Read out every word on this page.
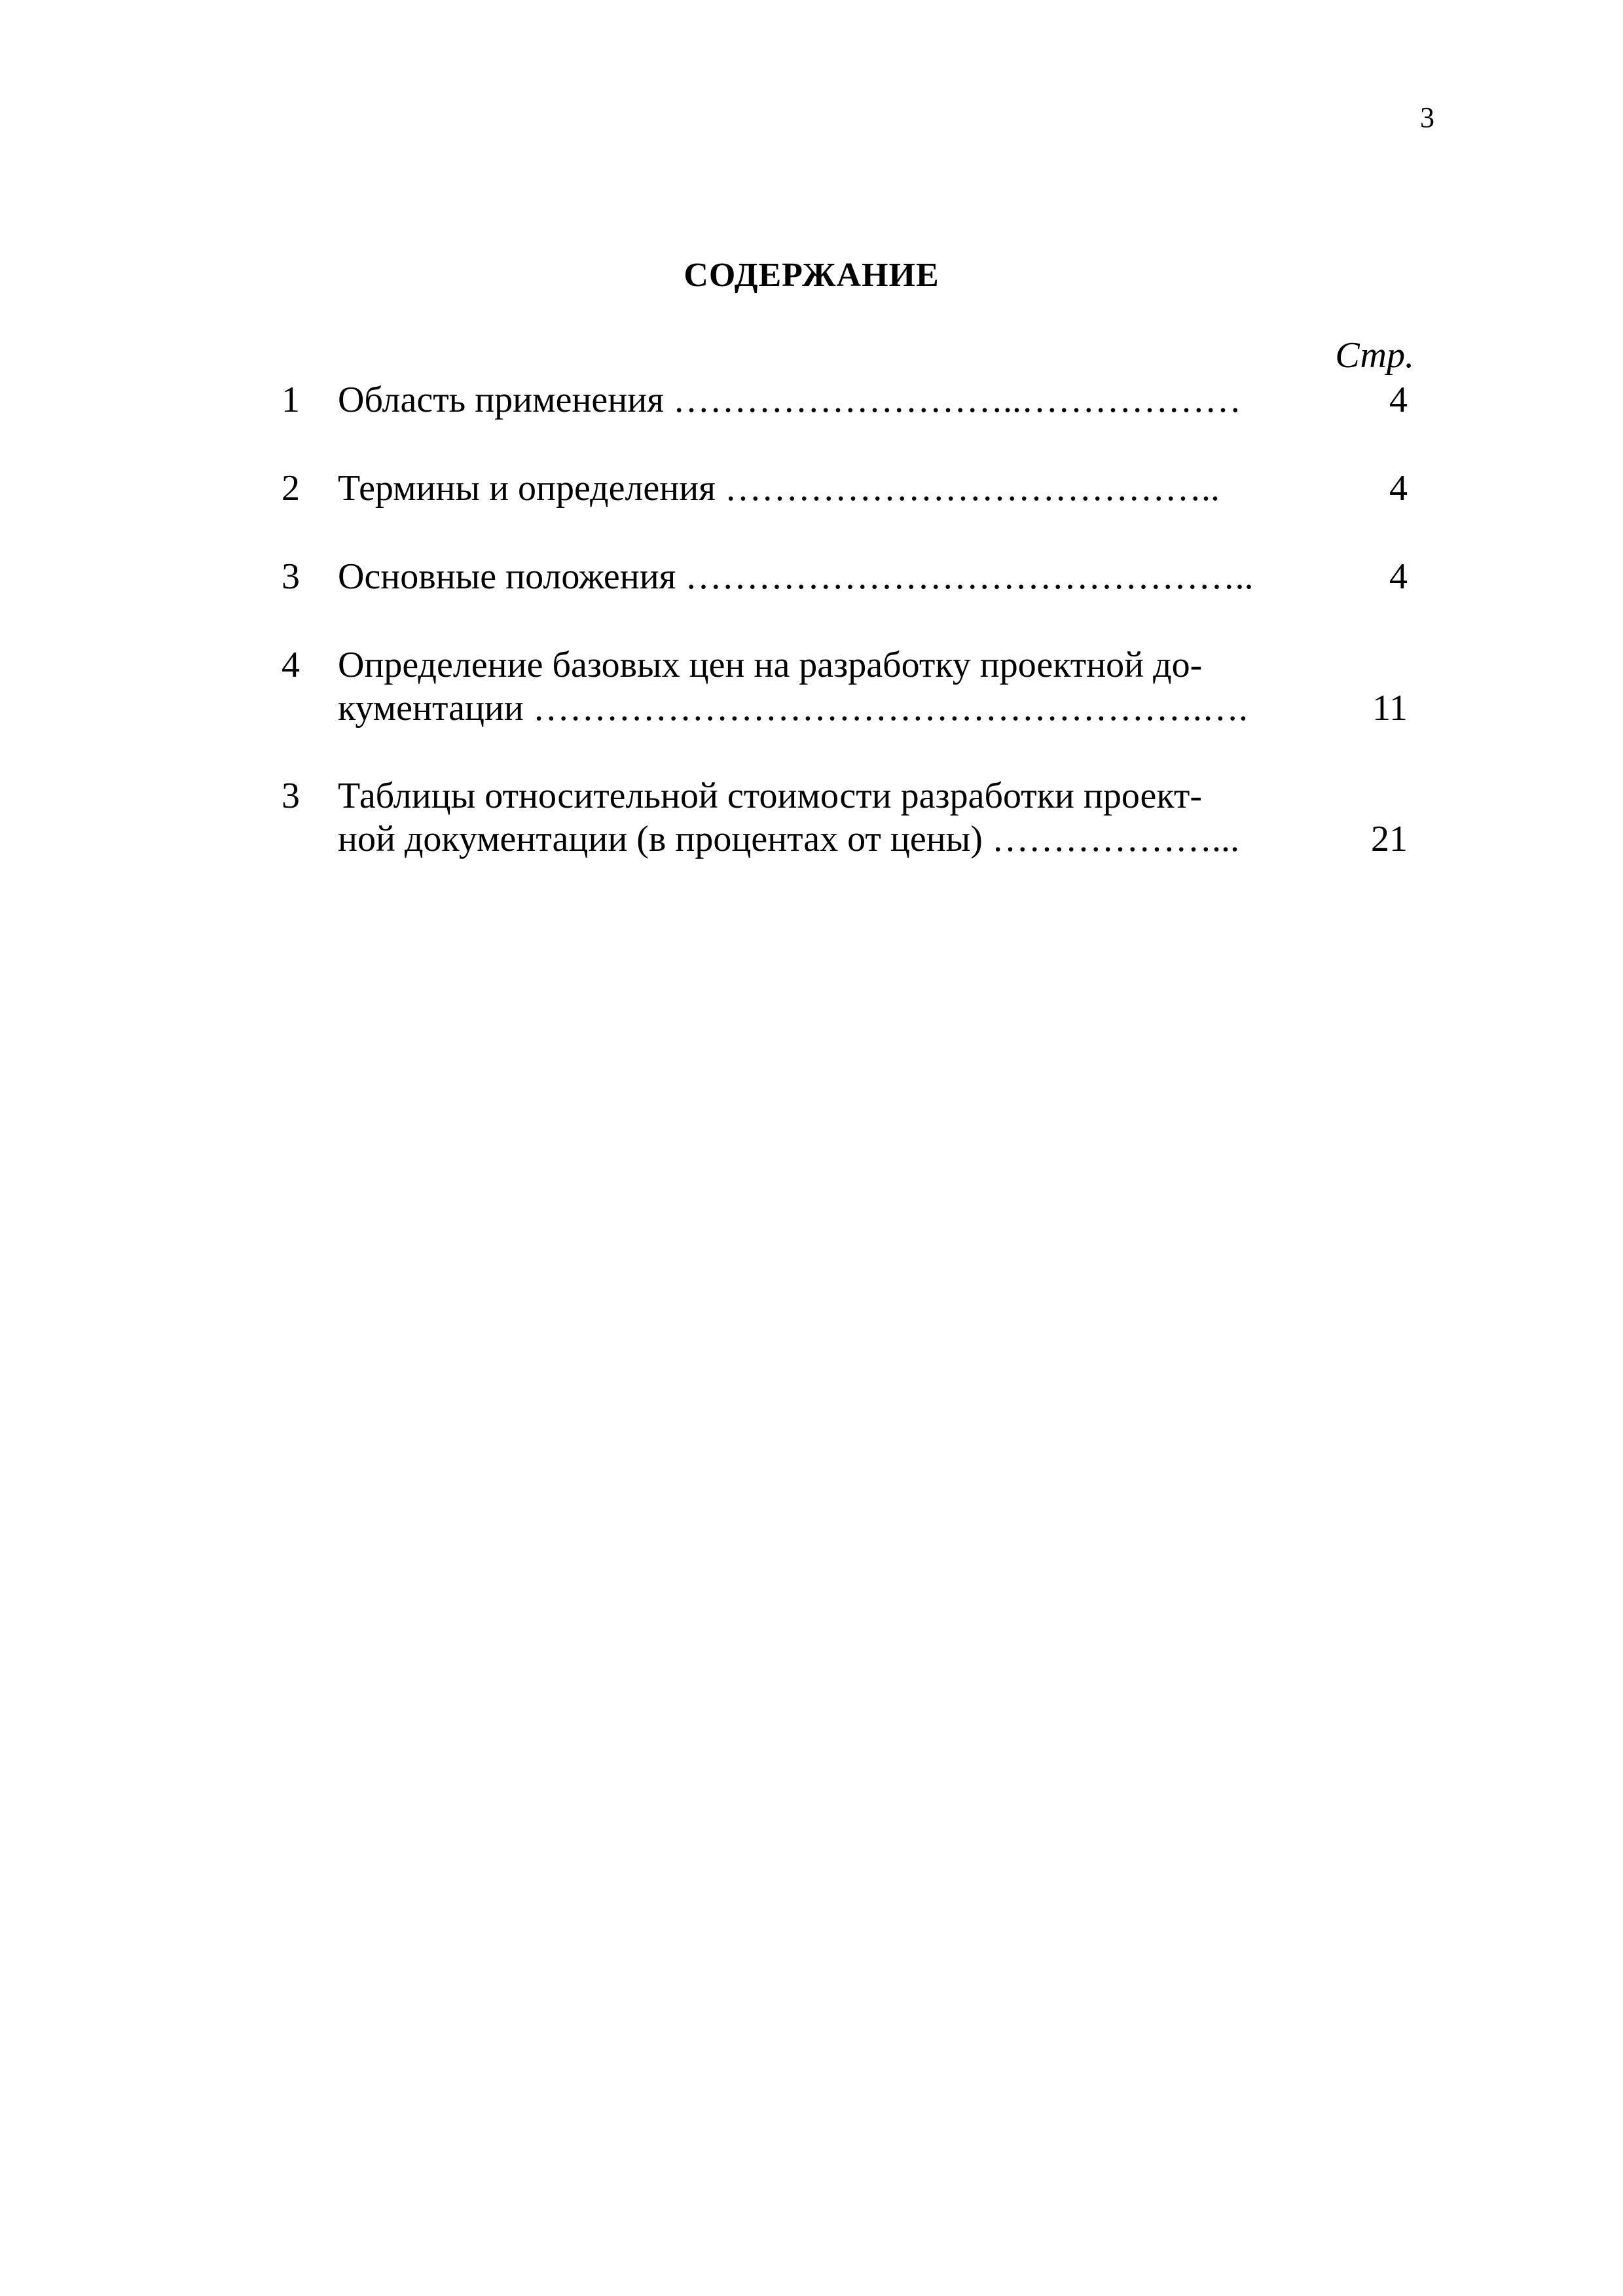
3
СОДЕРЖАНИЕ
Стр.
1	Область применения ………………………..………………	4
2	Термины и определения …………………………………..	4
3	Основные положения ………………………………………..	4
4	Определение базовых цен на разработку проектной до-
кументации ……………………………………………….….	11
3	Таблицы относительной стоимости разработки проект-
ной документации (в процентах от цены) ………………...	21
